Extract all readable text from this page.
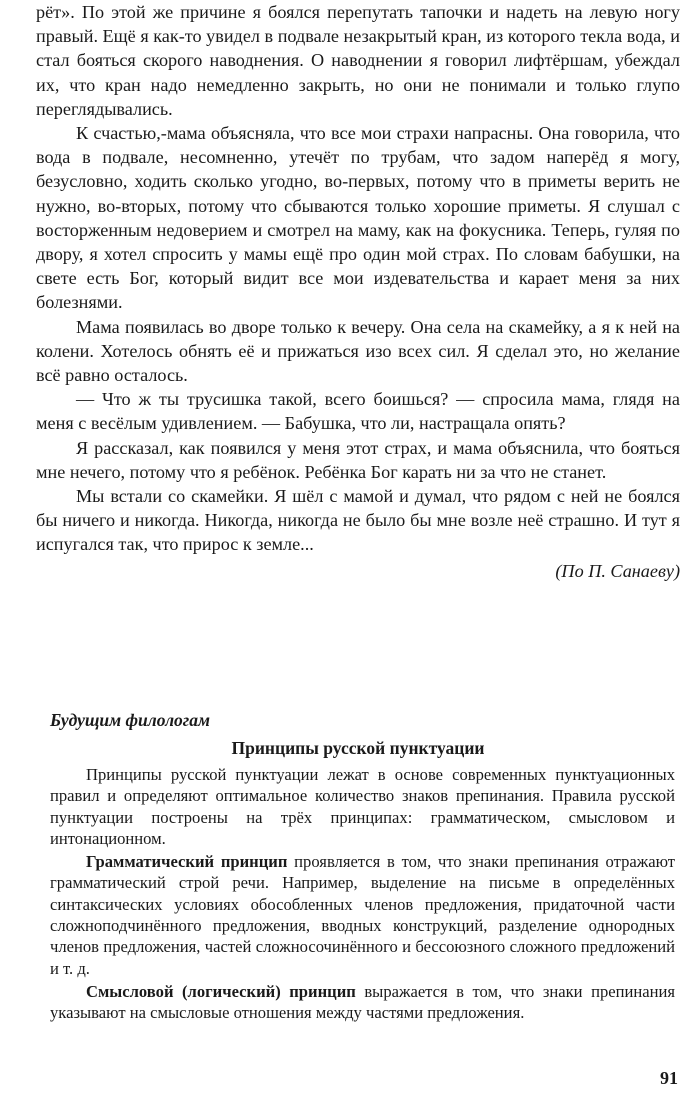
рёт». По этой же причине я боялся перепутать тапочки и надеть на левую ногу правый. Ещё я как-то увидел в подвале незакрытый кран, из которого текла вода, и стал бояться скорого наводнения. О наводнении я говорил лифтёршам, убеждал их, что кран надо немедленно закрыть, но они не понимали и только глупо переглядывались.

К счастью,-мама объясняла, что все мои страхи напрасны. Она говорила, что вода в подвале, несомненно, утечёт по трубам, что задом наперёд я могу, безусловно, ходить сколько угодно, во-первых, потому что в приметы верить не нужно, во-вторых, потому что сбываются только хорошие приметы. Я слушал с восторженным недоверием и смотрел на маму, как на фокусника. Теперь, гуляя по двору, я хотел спросить у мамы ещё про один мой страх. По словам бабушки, на свете есть Бог, который видит все мои издевательства и карает меня за них болезнями.

Мама появилась во дворе только к вечеру. Она села на скамейку, а я к ней на колени. Хотелось обнять её и прижаться изо всех сил. Я сделал это, но желание всё равно осталось.

— Что ж ты трусишка такой, всего боишься? — спросила мама, глядя на меня с весёлым удивлением. — Бабушка, что ли, настращала опять?

Я рассказал, как появился у меня этот страх, и мама объяснила, что бояться мне нечего, потому что я ребёнок. Ребёнка Бог карать ни за что не станет.

Мы встали со скамейки. Я шёл с мамой и думал, что рядом с ней не боялся бы ничего и никогда. Никогда, никогда не было бы мне возле неё страшно. И тут я испугался так, что прирос к земле...

(По П. Санаеву)

Будущим филологам
Принципы русской пунктуации

Принципы русской пунктуации лежат в основе современных пунктуационных правил и определяют оптимальное количество знаков препинания. Правила русской пунктуации построены на трёх принципах: грамматическом, смысловом и интонационном.

Грамматический принцип проявляется в том, что знаки препинания отражают грамматический строй речи. Например, выделение на письме в определённых синтаксических условиях обособленных членов предложения, придаточной части сложноподчинённого предложения, вводных конструкций, разделение однородных членов предложения, частей сложносочинённого и бессоюзного сложного предложений и т. д.

Смысловой (логический) принцип выражается в том, что знаки препинания указывают на смысловые отношения между частями предложения.

91
